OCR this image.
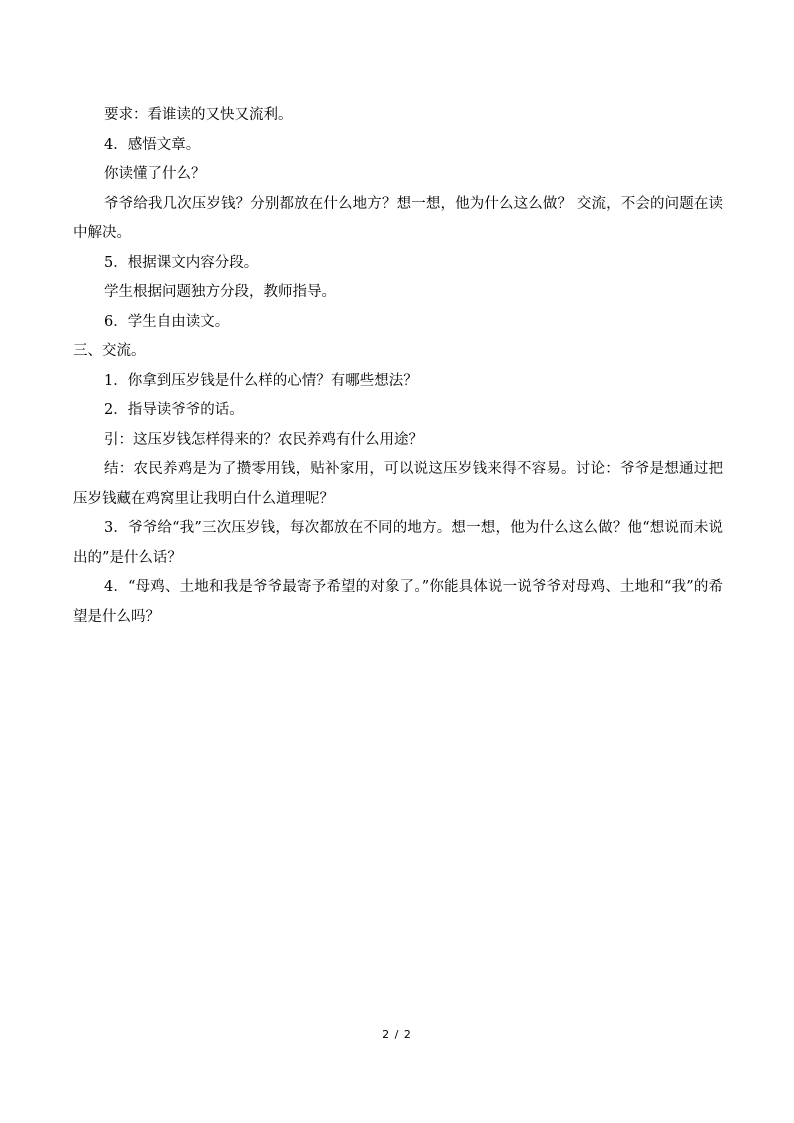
要求：看谁读的又快又流利。

4．感悟文章。

你读懂了什么？

爷爷给我几次压岁钱？分别都放在什么地方？想一想，他为什么这么做？ 交流，不会的问题在读中解决。

5．根据课文内容分段。

学生根据问题独方分段，教师指导。

6．学生自由读文。

三、交流。

1．你拿到压岁钱是什么样的心情？有哪些想法？

2．指导读爷爷的话。

引：这压岁钱怎样得来的？农民养鸡有什么用途？

结：农民养鸡是为了攒零用钱，贴补家用，可以说这压岁钱来得不容易。讨论：爷爷是想通过把压岁钱藏在鸡窝里让我明白什么道理呢？

3．爷爷给“我”三次压岁钱，每次都放在不同的地方。想一想，他为什么这么做？他“想说而未说出的”是什么话？

4．“母鸡、土地和我是爷爷最寄予希望的对象了。”你能具体说一说爷爷对母鸡、土地和“我”的希望是什么吗？

2 / 2
